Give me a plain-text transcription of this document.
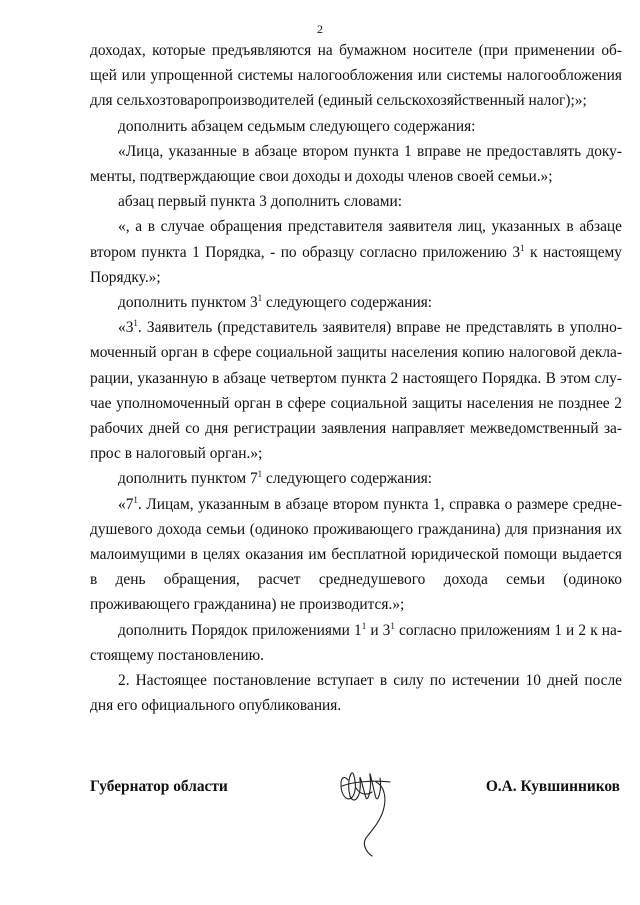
2

доходах, которые предъявляются на бумажном носителе (при применении общей или упрощенной системы налогообложения или системы налогообложения для сельхозтоваропроизводителей (единый сельскохозяйственный налог);»;

дополнить абзацем седьмым следующего содержания:

«Лица, указанные в абзаце втором пункта 1 вправе не предоставлять документы, подтверждающие свои доходы и доходы членов своей семьи.»;

абзац первый пункта 3 дополнить словами:

«, а в случае обращения представителя заявителя лиц, указанных в абзаце втором пункта 1 Порядка, - по образцу согласно приложению $3^1$ к настоящему Порядку.»;

дополнить пунктом $3^1$ следующего содержания:

«$3^1$. Заявитель (представитель заявителя) вправе не представлять в уполномоченный орган в сфере социальной защиты населения копию налоговой декларации, указанную в абзаце четвертом пункта 2 настоящего Порядка. В этом случае уполномоченный орган в сфере социальной защиты населения не позднее 2 рабочих дней со дня регистрации заявления направляет межведомственный запрос в налоговый орган.»;

дополнить пунктом $7^1$ следующего содержания:

«$7^1$. Лицам, указанным в абзаце втором пункта 1, справка о размере среднедушевого дохода семьи (одиноко проживающего гражданина) для признания их малоимущими в целях оказания им бесплатной юридической помощи выдается в день обращения, расчет среднедушевого дохода семьи (одиноко проживающего гражданина) не производится.»;

дополнить Порядок приложениями $1^1$ и $3^1$ согласно приложениям 1 и 2 к настоящему постановлению.

2. Настоящее постановление вступает в силу по истечении 10 дней после дня его официального опубликования.

Губернатор области	О.А. Кувшинников
